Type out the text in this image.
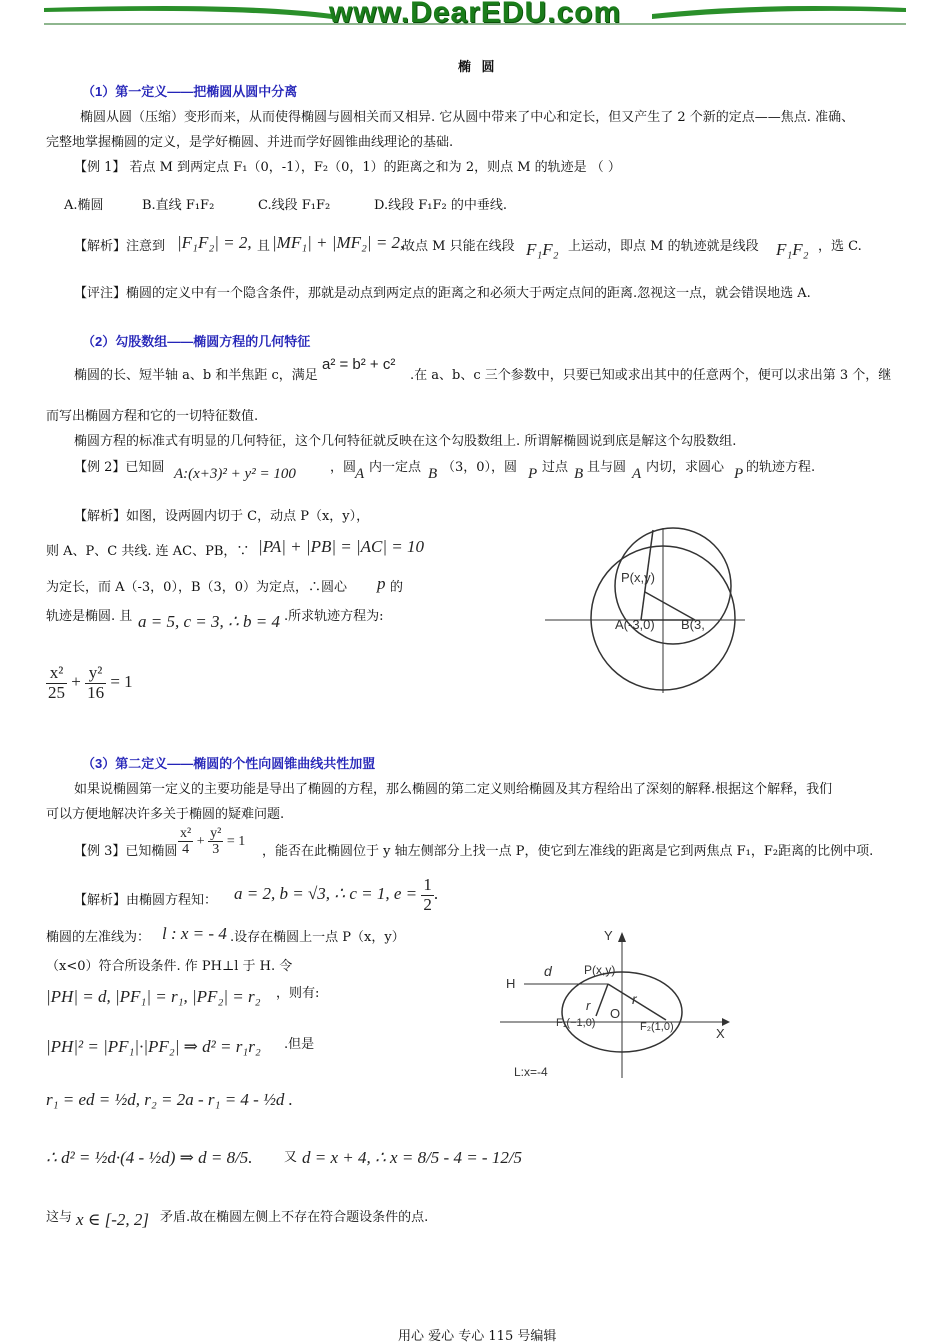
www.DearEDU.com
椭 圆
（1）第一定义——把椭圆从圆中分离
椭圆从圆（压缩）变形而来，从而使得椭圆与圆相关而又相异. 它从圆中带来了中心和定长，但又产生了 2 个新的定点——焦点. 准确、
完整地掌握椭圆的定义，是学好椭圆、并进而学好圆锥曲线理论的基础.
【例 1】 若点 M 到两定点 F₁（0，-1），F₂（0，1）的距离之和为 2，则点 M 的轨迹是 （ ）
A.椭圆	B.直线 F₁F₂	C.线段 F₁F₂	D.线段 F₁F₂ 的中垂线.
【解析】注意到 |F₁F₂| = 2, 且 |MF₁| + |MF₂| = 2,
故点 M 只能在线段 F₁F₂ 上运动，即点 M 的轨迹就是线段 F₁F₂ ，选 C.
【评注】椭圆的定义中有一个隐含条件，那就是动点到两定点的距离之和必须大于两定点间的距离.忽视这一点，就会错误地选 A.
（2）勾股数组——椭圆方程的几何特征
椭圆的长、短半轴 a、b 和半焦距 c，满足
a² = b² + c²
.在 a、b、c 三个参数中，只要已知或求出其中的任意两个，便可以求出第 3 个，继
而写出椭圆方程和它的一切特征数值.
椭圆方程的标准式有明显的几何特征，这个几何特征就反映在这个勾股数组上. 所谓解椭圆说到底是解这个勾股数组.
【例 2】已知圆 A:(x+3)² + y² = 100	，圆
A 内一定点 B （3，0），圆 P 过点 B 且与圆 A 内切，求圆心 P 的轨迹方程.
【解析】如图，设两圆内切于 C，动点 P（x，y），
则 A、P、C 共线. 连 AC、PB，∵ |PA| + |PB| = |AC| = 10
为定长，而 A（-3，0），B（3，0）为定点，∴圆心 p 的
轨迹是椭圆. 且 a = 5, c = 3, ∴ b = 4 .所求轨迹方程为:
$\frac{\text{x²}}{25} + \frac{\text{y²}}{16} = 1$
P(x,y)
A(-3,0) B(3,
（3）第二定义——椭圆的个性向圆锥曲线共性加盟
如果说椭圆第一定义的主要功能是导出了椭圆的方程，那么椭圆的第二定义则给椭圆及其方程给出了深刻的解释.根据这个解释，我们
可以方便地解决许多关于椭圆的疑难问题.
【例 3】已知椭圆 $\frac{\text{x²}}{4} + \frac{\text{y²}}{3} = 1$
，能否在此椭圆位于 y 轴左侧部分上找一点 P，使它到左准线的距离是它到两焦点 F₁，F₂距离的比例中项.
【解析】由椭圆方程知： a = 2, b = √3, ∴ c = 1, $e = \frac{1}{2}$ .
椭圆的左准线为： l : x = - 4 .设存在椭圆上一点 P（x，y）
（x<0）符合所设条件. 作 PH⊥l 于 H. 令
|PH| = d, |PF₁| = r₁, |PF₂| = r₂ ，则有:
|PH|² = |PF₁|·|PF₂| ⇒ d² = r₁r₂ .但是
r₁ = ed = ½d, r₂ = 2a - r₁ = 4 - ½d .
∴ d² = ½d·(4 - ½d) ⇒ d = 8/5. 又 d = x + 4, ∴ x = 8/5 - 4 = - 12/5
这与 x ∈ [-2, 2] 矛盾.故在椭圆左侧上不存在符合题设条件的点.
Y
X
H
d	P(x,y)
r	r
O
F₁(−1,0)	F₂(1,0)
L:x=-4
用心 爱心 专心 115 号编辑
